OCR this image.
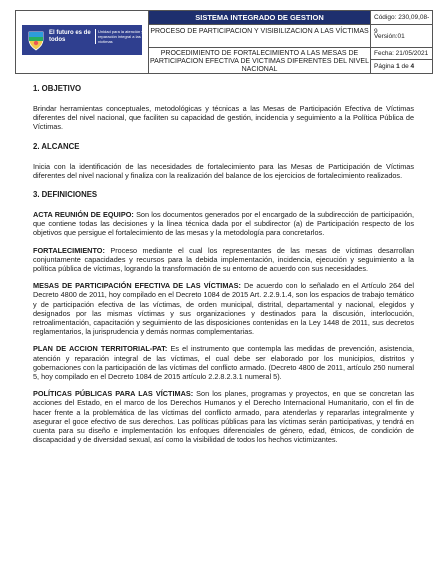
El futuro es de todos
Unidad para la atención y reparación integral a las víctimas
SISTEMA INTEGRADO DE GESTION
PROCESO DE PARTICIPACION Y VISIBILIZACION A LAS VÍCTIMAS
PROCEDIMIENTO DE FORTALECIMIENTO A LAS MESAS DE PARTICIPACION EFECTIVA DE VICTIMAS DIFERENTES DEL NIVEL NACIONAL
Código: 230,09,08-9
Versión:01
Fecha: 21/05/2021
Página 1 de 4
1. OBJETIVO

Brindar herramientas conceptuales, metodológicas y técnicas a las Mesas de Participación Efectiva de Víctimas diferentes del nivel nacional, que faciliten su capacidad de gestión, incidencia y seguimiento a la Política Pública de Víctimas.

2. ALCANCE

Inicia con la identificación de las necesidades de fortalecimiento para las Mesas de Participación de Víctimas diferentes del nivel nacional y finaliza con la realización del balance de los ejercicios de fortalecimiento realizados.

3. DEFINICIONES

ACTA REUNIÓN DE EQUIPO: Son los documentos generados por el encargado de la subdirección de participación, que contiene todas las decisiones y la línea técnica dada por el subdirector (a) de Participación respecto de los objetivos que persigue el fortalecimiento de las mesas y la metodología para concretarlos.

FORTALECIMIENTO: Proceso mediante el cual los representantes de las mesas de víctimas desarrollan conjuntamente capacidades y recursos para la debida implementación, incidencia, ejecución y seguimiento a la política pública de víctimas, logrando la transformación de su entorno de acuerdo con sus necesidades.

MESAS DE PARTICIPACIÓN EFECTIVA DE LAS VÍCTIMAS: De acuerdo con lo señalado en el Artículo 264 del Decreto 4800 de 2011, hoy compilado en el Decreto 1084 de 2015 Art. 2.2.9.1.4, son los espacios de trabajo temático y de participación efectiva de las víctimas, de orden municipal, distrital, departamental y nacional, elegidos y designados por las mismas víctimas y sus organizaciones y destinados para la discusión, interlocución, retroalimentación, capacitación y seguimiento de las disposiciones contenidas en la Ley 1448 de 2011, sus decretos reglamentarios, la jurisprudencia y demás normas complementarias.

PLAN DE ACCION TERRITORIAL-PAT: Es el instrumento que contempla las medidas de prevención, asistencia, atención y reparación integral de las víctimas, el cual debe ser elaborado por los municipios, distritos y gobernaciones con la participación de las víctimas del conflicto armado. (Decreto 4800 de 2011, artículo 250 numeral 5, hoy compilado en el Decreto 1084 de 2015 artículo 2.2.8.2.3.1 numeral 5).

POLÍTICAS PÚBLICAS PARA LAS VÍCTIMAS: Son los planes, programas y proyectos, en que se concretan las acciones del Estado, en el marco de los Derechos Humanos y el Derecho Internacional Humanitario, con el fin de hacer frente a la problemática de las víctimas del conflicto armado, para atenderlas y repararlas integralmente y asegurar el goce efectivo de sus derechos. Las políticas públicas para las víctimas serán participativas, y tendrá en cuenta para su diseño e implementación los enfoques diferenciales de género, edad, étnicos, de condición de discapacidad y de diversidad sexual, así como la visibilidad de todos los hechos victimizantes.
